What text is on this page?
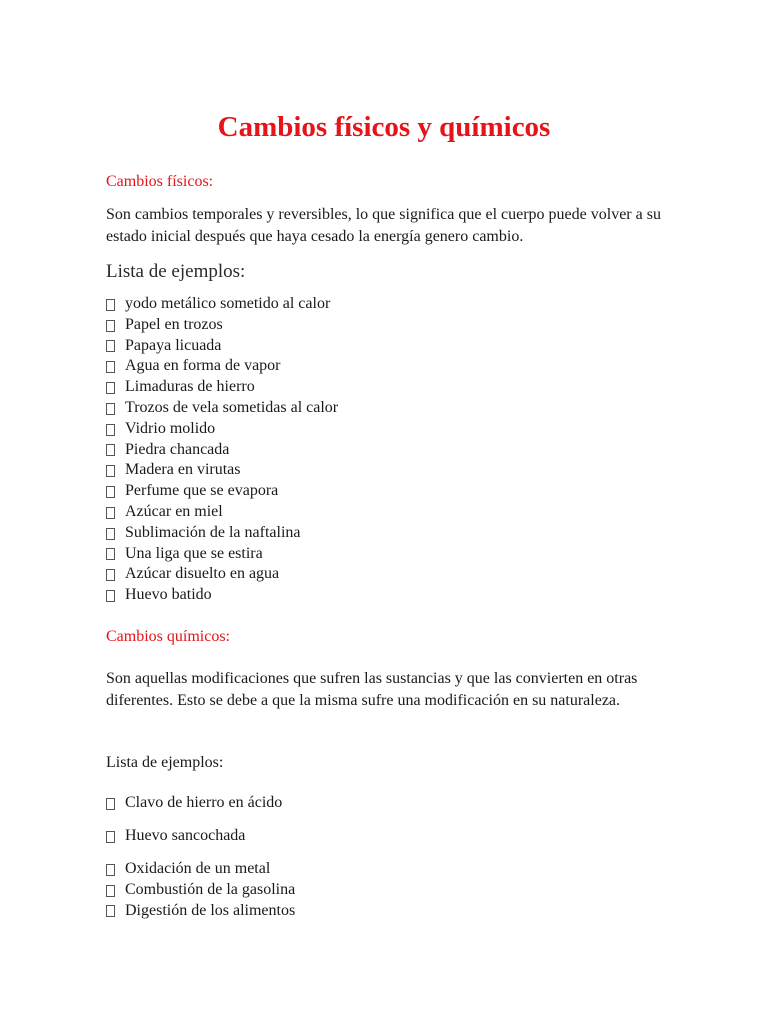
Cambios físicos y químicos
Cambios físicos:

Son cambios temporales y reversibles, lo que significa que el cuerpo puede volver a su estado inicial después que haya cesado la energía genero cambio.

Lista de ejemplos:
yodo metálico sometido al calor
Papel en trozos
Papaya licuada
Agua en forma de vapor
Limaduras de hierro
Trozos de vela sometidas al calor
Vidrio molido
Piedra chancada
Madera en virutas
Perfume que se evapora
Azúcar en miel
Sublimación de la naftalina
Una liga que se estira
Azúcar disuelto en agua
Huevo batido
Cambios químicos:

Son aquellas modificaciones que sufren las sustancias y que las convierten en otras diferentes. Esto se debe a que la misma sufre una modificación en su naturaleza.

Lista de ejemplos:
Clavo de hierro en ácido
Huevo sancochada
Oxidación de un metal
Combustión de la gasolina
Digestión de los alimentos
